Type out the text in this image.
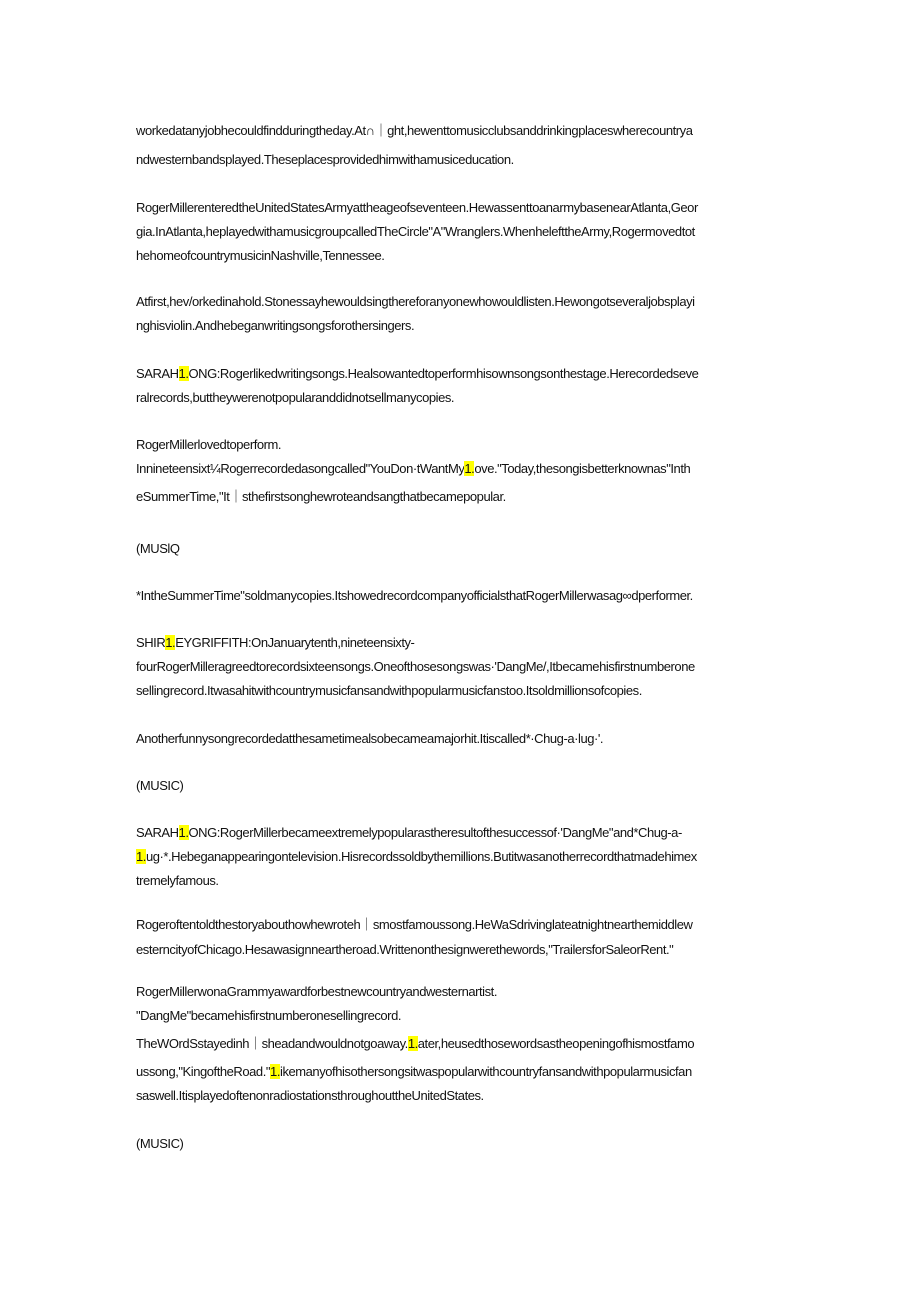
workedatanyjobhecouldfindduringtheday.At∩｜ght,hewenttomusicclubsanddrinkingplaceswherecountrya
ndwesternbandsplayed.Theseplacesprovidedhimwithamusiceducation.
RogerMillerenteredtheUnitedStatesArmyattheageofseventeen.HewassenttoanarmybasenearAtlanta,Geor
gia.InAtlanta,heplayedwithamusicgroupcalledTheCircle"A"Wranglers.WhenhelefttheArmy,Rogermovedtot
hehomeofcountrymusicinNashville,Tennessee.
Atfirst,hev/orkedinahold.Stonessayhewouldsingthereforanyonewhowouldlisten.Hewongotseveraljobsplayi
nghisviolin.Andhebeganwritingsongsforothersingers.
SARAH1.ONG:Rogerlikedwritingsongs.Healsowantedtoperformhisownsongsonthestage.Herecordedseve
ralrecords,buttheywerenotpopularanddidnotsellmanycopies.
RogerMillerlovedtoperform.
Innineteensixt¼Rogerrecordedasongcalled"YouDon·tWantMy1.ove."Today,thesongisbetterknownas"Inth
eSummerTime,"It｜sthefirstsonghewroteandsangthatbecamepopular.
(MUSlQ
*IntheSummerTime"soldmanycopies.ItshowedrecordcompanyofficialsthatRogerMillerwasag∞dperformer.
SHIR1.EYGRIFFITH:OnJanuarytenth,nineteensixty-
fourRogerMilleragreedtorecordsixteensongs.Oneofthosesongswas·'DangMe/,Itbecamehisfirstnumberone
sellingrecord.Itwasahitwithcountrymusicfansandwithpopularmusicfanstoo.Itsoldmillionsofcopies.
Anotherfunnysongrecordedatthesametimealsobecameamajorhit.Itiscalled*·Chug-a·lug·'.
(MUSIC)
SARAH1.ONG:RogerMillerbecameextremelypopularastheresultofthesuccessof·'DangMe"and*Chug-a-
1.ug·*.Hebeganappearingontelevision.Hisrecordssoldbythemillions.Butitwasanotherrecordthatmadehimex
tremelyfamous.
Rogeroftentoldthestoryabouthowhewroteh｜smostfamoussong.HeWaSdrivinglateatnightnearthemiddlew
esterncityofChicago.Hesawasignneartheroad.Writtenonthesignwerethewords,"TrailersforSaleorRent."
RogerMillerwonaGrammyawardforbestnewcountryandwesternartist.
"DangMe"becamehisfirstnumberonesellingrecord.
TheWOrdSstayedinh｜sheadandwouldnotgoaway.1.ater,heusedthosewordsastheopeningofhismostfamo
ussong,"KingoftheRoad."1.ikemanyofhisothersongsitwaspopularwithcountryfansandwithpopularmusicfan
saswell.ItisplayedoftenonradiostationsthroughouttheUnitedStates.
(MUSIC)
